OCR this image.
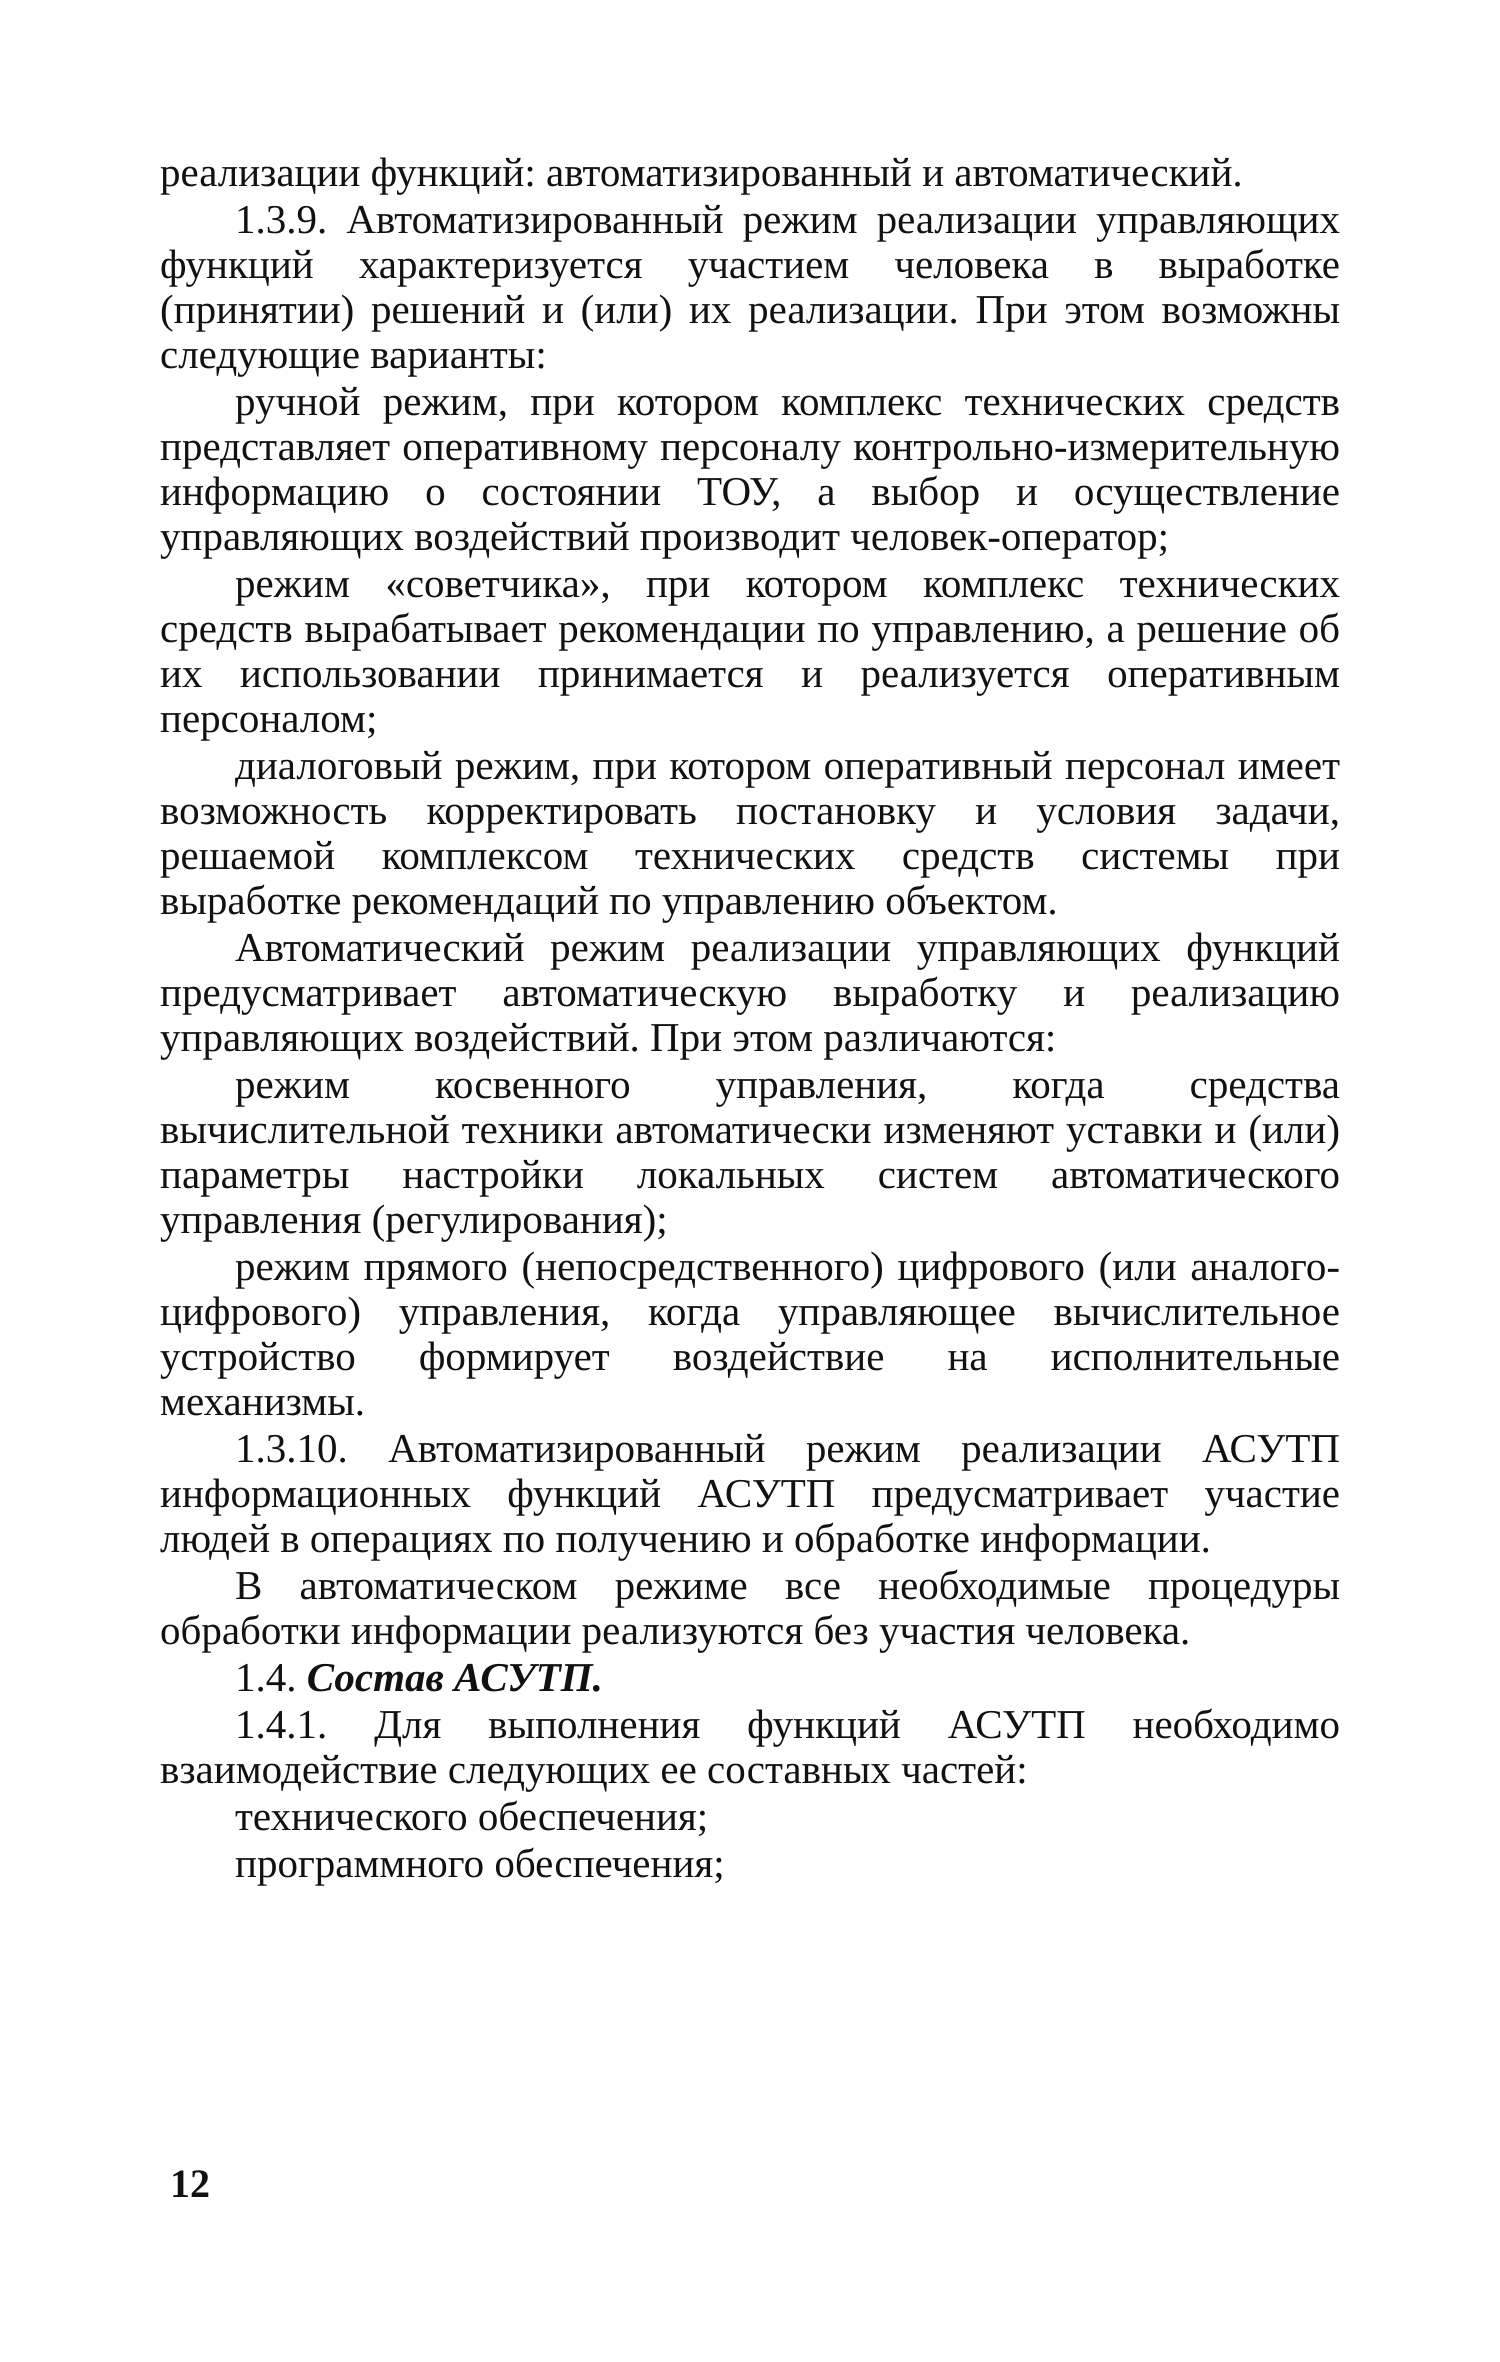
реализации функций: автоматизированный и автоматический.

1.3.9. Автоматизированный режим реализации управляющих функций характеризуется участием человека в выработке (принятии) решений и (или) их реализации. При этом возможны следующие варианты:

ручной режим, при котором комплекс технических средств представляет оперативному персоналу контрольно-измерительную информацию о состоянии ТОУ, а выбор и осуществление управляющих воздействий производит человек-оператор;

режим «советчика», при котором комплекс технических средств вырабатывает рекомендации по управлению, а решение об их использовании принимается и реализуется оперативным персоналом;

диалоговый режим, при котором оперативный персонал имеет возможность корректировать постановку и условия задачи, решаемой комплексом технических средств системы при выработке рекомендаций по управлению объектом.

Автоматический режим реализации управляющих функций предусматривает автоматическую выработку и реализацию управляющих воздействий. При этом различаются:

режим косвенного управления, когда средства вычислительной техники автоматически изменяют уставки и (или) параметры настройки локальных систем автоматического управления (регулирования);

режим прямого (непосредственного) цифрового (или аналого-цифрового) управления, когда управляющее вычислительное устройство формирует воздействие на исполнительные механизмы.

1.3.10. Автоматизированный режим реализации АСУТП информационных функций АСУТП предусматривает участие людей в операциях по получению и обработке информации.

В автоматическом режиме все необходимые процедуры обработки информации реализуются без участия человека.

1.4. Состав АСУТП.

1.4.1. Для выполнения функций АСУТП необходимо взаимодействие следующих ее составных частей:

технического обеспечения;

программного обеспечения;

12
